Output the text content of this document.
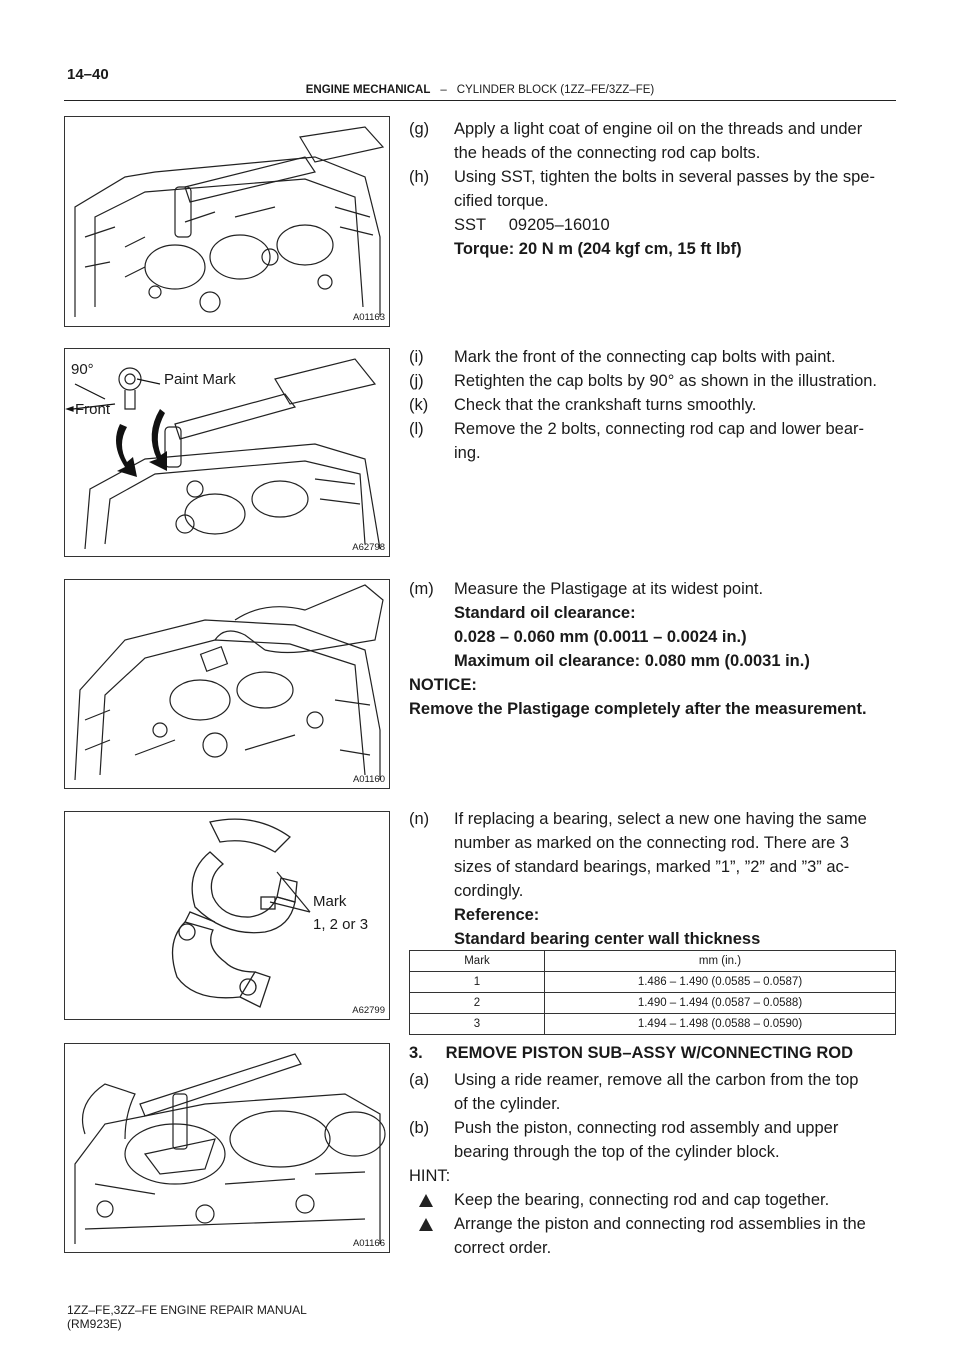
14–40
ENGINE MECHANICAL – CYLINDER BLOCK (1ZZ–FE/3ZZ–FE)
A01163
90°
Paint Mark
Front
A62798
A01160
Mark
1, 2 or 3
A62799
A01166
(g) Apply a light coat of engine oil on the threads and under
the heads of the connecting rod cap bolts.
(h) Using SST, tighten the bolts in several passes by the spe-
cified torque.
SST     09205–16010
Torque: 20 N m (204 kgf cm, 15 ft lbf)
(i) Mark the front of the connecting cap bolts with paint.
(j) Retighten the cap bolts by 90° as shown in the illustration.
(k) Check that the crankshaft turns smoothly.
(l) Remove the 2 bolts, connecting rod cap and lower bear-
ing.
(m) Measure the Plastigage at its widest point.
Standard oil clearance:
0.028 – 0.060 mm (0.0011 – 0.0024 in.)
Maximum oil clearance: 0.080 mm (0.0031 in.)
NOTICE:
Remove the Plastigage completely after the measurement.
(n) If replacing a bearing, select a new one having the same
number as marked on the connecting rod. There are 3
sizes of standard bearings, marked ”1”, ”2” and ”3” ac-
cordingly.
Reference:
Standard bearing center wall thickness
Mark	mm (in.)
1	1.486 – 1.490 (0.0585 – 0.0587)
2	1.490 – 1.494 (0.0587 – 0.0588)
3	1.494 – 1.498 (0.0588 – 0.0590)
3.     REMOVE PISTON SUB–ASSY W/CONNECTING ROD
(a) Using a ride reamer, remove all the carbon from the top
of the cylinder.
(b) Push the piston, connecting rod assembly and upper
bearing through the top of the cylinder block.
HINT:
Keep the bearing, connecting rod and cap together.
Arrange the piston and connecting rod assemblies in the
correct order.
1ZZ–FE,3ZZ–FE ENGINE REPAIR MANUAL
(RM923E)
